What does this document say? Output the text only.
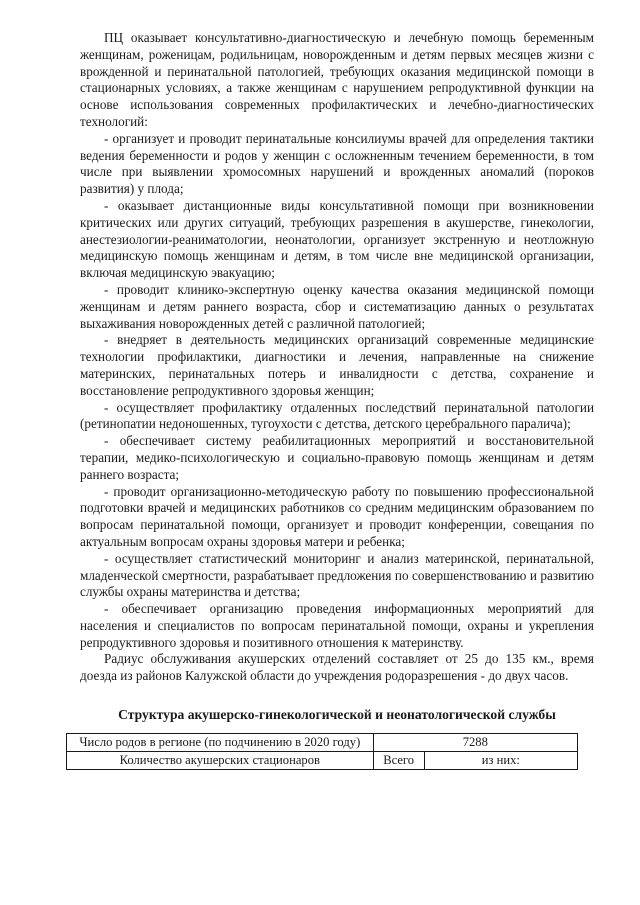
ПЦ оказывает консультативно-диагностическую и лечебную помощь беременным женщинам, роженицам, родильницам, новорожденным и детям первых месяцев жизни с врожденной и перинатальной патологией, требующих оказания медицинской помощи в стационарных условиях, а также женщинам с нарушением репродуктивной функции на основе использования современных профилактических и лечебно-диагностических технологий:

- организует и проводит перинатальные консилиумы врачей для определения тактики ведения беременности и родов у женщин с осложненным течением беременности, в том числе при выявлении хромосомных нарушений и врожденных аномалий (пороков развития) у плода;

- оказывает дистанционные виды консультативной помощи при возникновении критических или других ситуаций, требующих разрешения в акушерстве, гинекологии, анестезиологии-реаниматологии, неонатологии, организует экстренную и неотложную медицинскую помощь женщинам и детям, в том числе вне медицинской организации, включая медицинскую эвакуацию;

- проводит клинико-экспертную оценку качества оказания медицинской помощи женщинам и детям раннего возраста, сбор и систематизацию данных о результатах выхаживания новорожденных детей с различной патологией;

- внедряет в деятельность медицинских организаций современные медицинские технологии профилактики, диагностики и лечения, направленные на снижение материнских, перинатальных потерь и инвалидности с детства, сохранение и восстановление репродуктивного здоровья женщин;

- осуществляет профилактику отдаленных последствий перинатальной патологии (ретинопатии недоношенных, тугоухости с детства, детского церебрального паралича);

- обеспечивает систему реабилитационных мероприятий и восстановительной терапии, медико-психологическую и социально-правовую помощь женщинам и детям раннего возраста;

- проводит организационно-методическую работу по повышению профессиональной подготовки врачей и медицинских работников со средним медицинским образованием по вопросам перинатальной помощи, организует и проводит конференции, совещания по актуальным вопросам охраны здоровья матери и ребенка;

- осуществляет статистический мониторинг и анализ материнской, перинатальной, младенческой смертности, разрабатывает предложения по совершенствованию и развитию службы охраны материнства и детства;

- обеспечивает организацию проведения информационных мероприятий для населения и специалистов по вопросам перинатальной помощи, охраны и укрепления репродуктивного здоровья и позитивного отношения к материнству.

Радиус обслуживания акушерских отделений составляет от 25 до 135 км., время доезда из районов Калужской области до учреждения родоразрешения - до двух часов.

Структура акушерско-гинекологической и неонатологической службы
Число родов в регионе (по подчинению в 2020 году)	7288	
Количество акушерских стационаров	Всего	из них:
